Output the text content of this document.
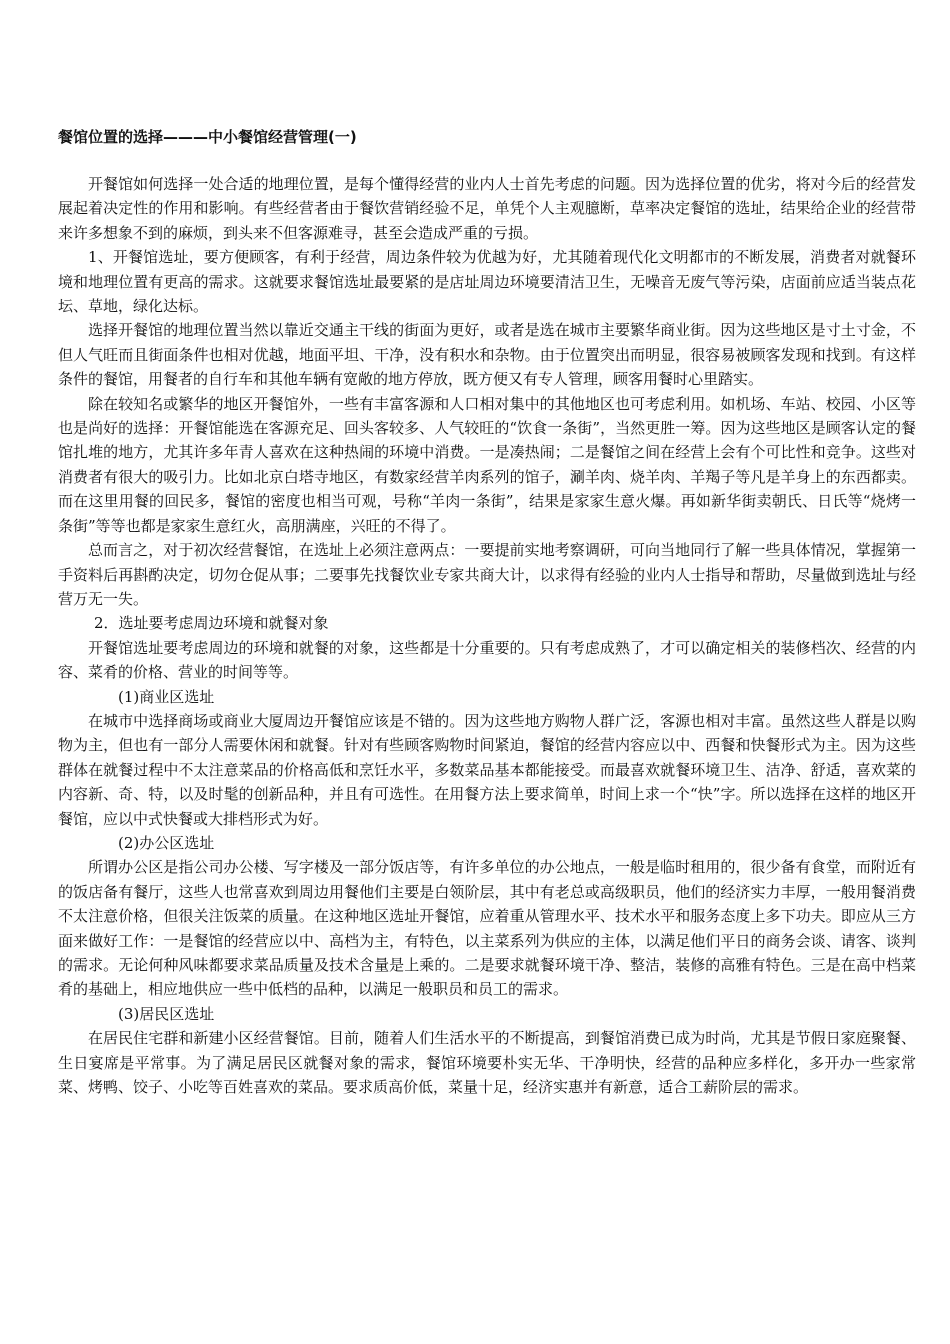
餐馆位置的选择———中小餐馆经营管理(一)

开餐馆如何选择一处合适的地理位置，是每个懂得经营的业内人士首先考虑的问题。因为选择位置的优劣，将对今后的经营发展起着决定性的作用和影响。有些经营者由于餐饮营销经验不足，单凭个人主观臆断，草率决定餐馆的选址，结果给企业的经营带来许多想象不到的麻烦，到头来不但客源难寻，甚至会造成严重的亏损。

1、开餐馆选址，要方便顾客，有利于经营，周边条件较为优越为好，尤其随着现代化文明都市的不断发展，消费者对就餐环境和地理位置有更高的需求。这就要求餐馆选址最要紧的是店址周边环境要清洁卫生，无噪音无废气等污染，店面前应适当装点花坛、草地，绿化达标。

选择开餐馆的地理位置当然以靠近交通主干线的街面为更好，或者是选在城市主要繁华商业街。因为这些地区是寸土寸金，不但人气旺而且街面条件也相对优越，地面平坦、干净，没有积水和杂物。由于位置突出而明显，很容易被顾客发现和找到。有这样条件的餐馆，用餐者的自行车和其他车辆有宽敞的地方停放，既方便又有专人管理，顾客用餐时心里踏实。

除在较知名或繁华的地区开餐馆外，一些有丰富客源和人口相对集中的其他地区也可考虑利用。如机场、车站、校园、小区等也是尚好的选择：开餐馆能选在客源充足、回头客较多、人气较旺的“饮食一条街”，当然更胜一筹。因为这些地区是顾客认定的餐馆扎堆的地方，尤其许多年青人喜欢在这种热闹的环境中消费。一是凑热闹；二是餐馆之间在经营上会有个可比性和竞争。这些对消费者有很大的吸引力。比如北京白塔寺地区，有数家经营羊肉系列的馆子，涮羊肉、烧羊肉、羊羯子等凡是羊身上的东西都卖。而在这里用餐的回民多，餐馆的密度也相当可观，号称“羊肉一条街”，结果是家家生意火爆。再如新华街卖朝氏、日氏等“烧烤一条街”等等也都是家家生意红火，高朋满座，兴旺的不得了。

总而言之，对于初次经营餐馆，在选址上必须注意两点：一要提前实地考察调研，可向当地同行了解一些具体情况，掌握第一手资料后再斟酌决定，切勿仓促从事；二要事先找餐饮业专家共商大计，以求得有经验的业内人士指导和帮助，尽量做到选址与经营万无一失。

2．选址要考虑周边环境和就餐对象

开餐馆选址要考虑周边的环境和就餐的对象，这些都是十分重要的。只有考虑成熟了，才可以确定相关的装修档次、经营的内容、菜肴的价格、营业的时间等等。

(1)商业区选址

在城市中选择商场或商业大厦周边开餐馆应该是不错的。因为这些地方购物人群广泛，客源也相对丰富。虽然这些人群是以购物为主，但也有一部分人需要休闲和就餐。针对有些顾客购物时间紧迫，餐馆的经营内容应以中、西餐和快餐形式为主。因为这些群体在就餐过程中不太注意菜品的价格高低和烹饪水平，多数菜品基本都能接受。而最喜欢就餐环境卫生、洁净、舒适，喜欢菜的内容新、奇、特，以及时髦的创新品种，并且有可选性。在用餐方法上要求简单，时间上求一个“快”字。所以选择在这样的地区开餐馆，应以中式快餐或大排档形式为好。

(2)办公区选址

所谓办公区是指公司办公楼、写字楼及一部分饭店等，有许多单位的办公地点，一般是临时租用的，很少备有食堂，而附近有的饭店备有餐厅，这些人也常喜欢到周边用餐他们主要是白领阶层，其中有老总或高级职员，他们的经济实力丰厚，一般用餐消费不太注意价格，但很关注饭菜的质量。在这种地区选址开餐馆，应着重从管理水平、技术水平和服务态度上多下功夫。即应从三方面来做好工作：一是餐馆的经营应以中、高档为主，有特色，以主菜系列为供应的主体，以满足他们平日的商务会谈、请客、谈判的需求。无论何种风味都要求菜品质量及技术含量是上乘的。二是要求就餐环境干净、整洁，装修的高雅有特色。三是在高中档菜肴的基础上，相应地供应一些中低档的品种，以满足一般职员和员工的需求。

(3)居民区选址

在居民住宅群和新建小区经营餐馆。目前，随着人们生活水平的不断提高，到餐馆消费已成为时尚，尤其是节假日家庭聚餐、生日宴席是平常事。为了满足居民区就餐对象的需求，餐馆环境要朴实无华、干净明快，经营的品种应多样化，多开办一些家常菜、烤鸭、饺子、小吃等百姓喜欢的菜品。要求质高价低，菜量十足，经济实惠并有新意，适合工薪阶层的需求。
